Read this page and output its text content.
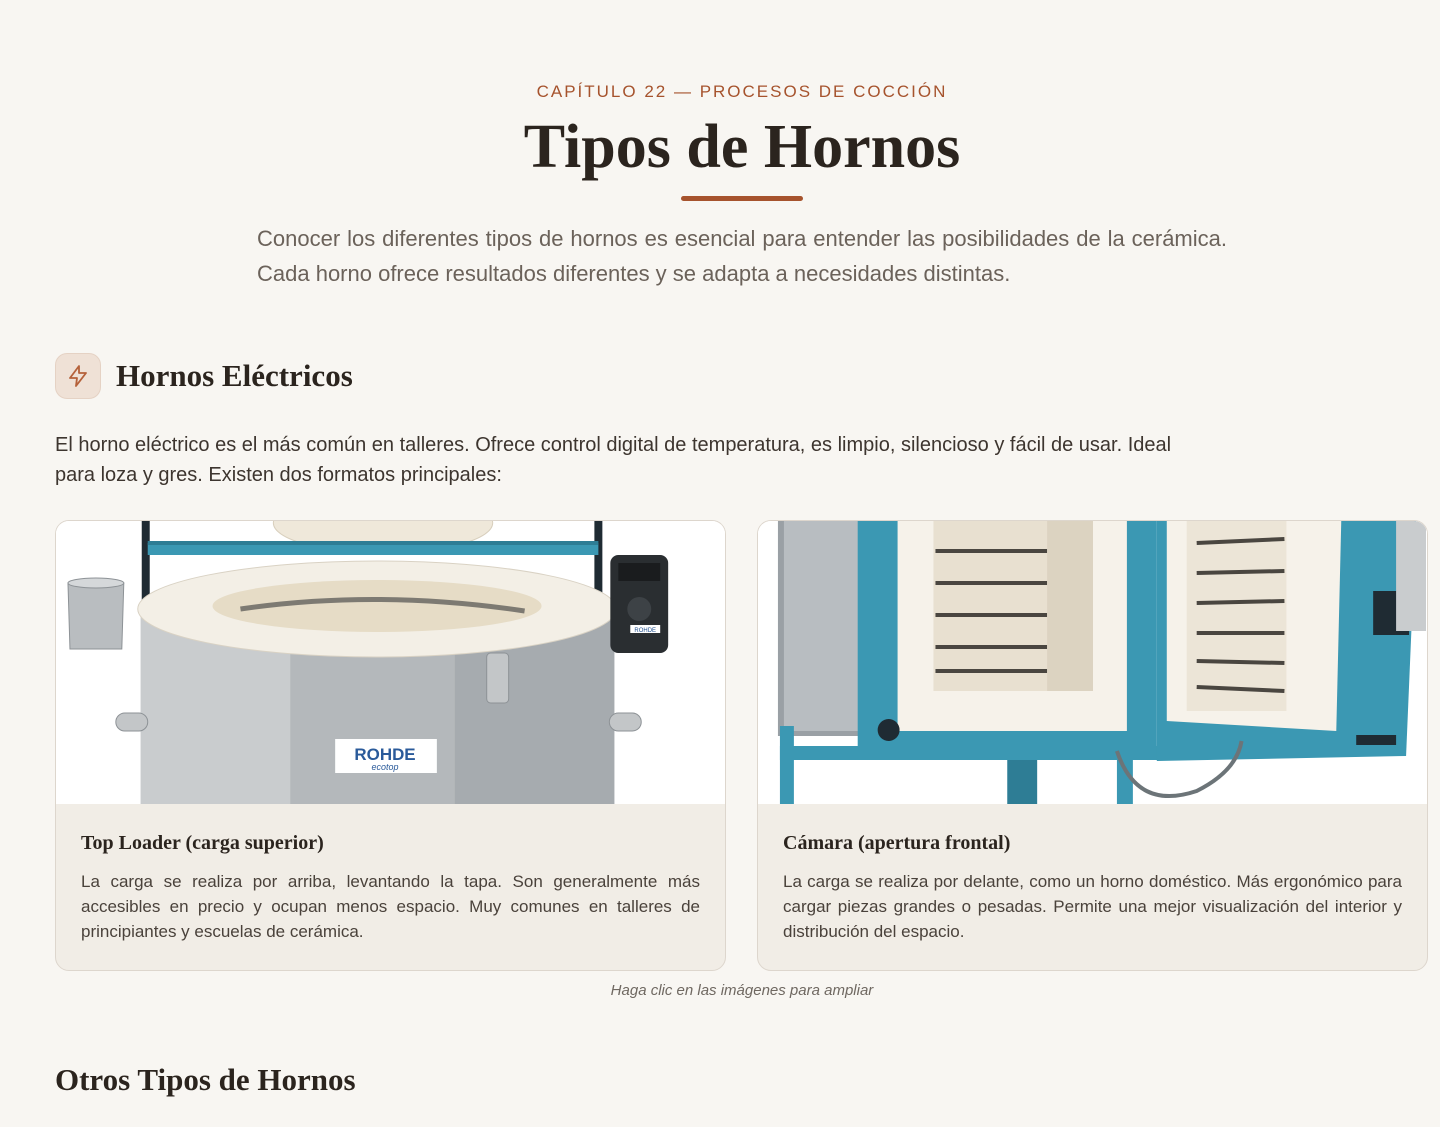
CAPÍTULO 22 — PROCESOS DE COCCIÓN
Tipos de Hornos

Conocer los diferentes tipos de hornos es esencial para entender las posibilidades de la cerámica. Cada horno ofrece resultados diferentes y se adapta a necesidades distintas.

Hornos Eléctricos

El horno eléctrico es el más común en talleres. Ofrece control digital de temperatura, es limpio, silencioso y fácil de usar. Ideal para loza y gres. Existen dos formatos principales:

ROHDE
ROHDE
ecotop
Top Loader (carga superior)

La carga se realiza por arriba, levantando la tapa. Son generalmente más accesibles en precio y ocupan menos espacio. Muy comunes en talleres de principiantes y escuelas de cerámica.

Cámara (apertura frontal)

La carga se realiza por delante, como un horno doméstico. Más ergonómico para cargar piezas grandes o pesadas. Permite una mejor visualización del interior y distribución del espacio.

Haga clic en las imágenes para ampliar
Otros Tipos de Hornos
